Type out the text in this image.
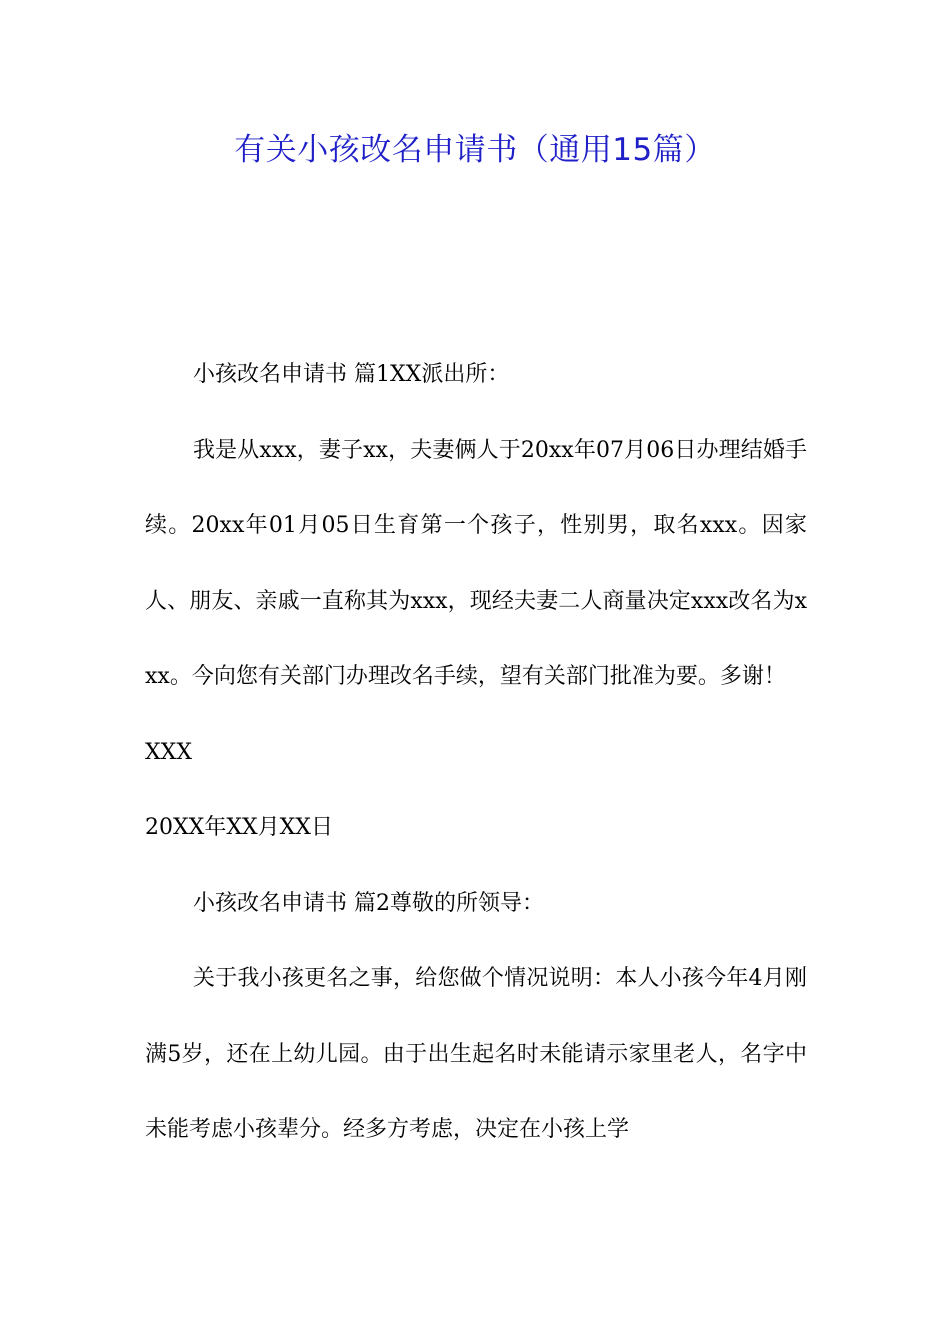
有关小孩改名申请书（通用15篇）

小孩改名申请书 篇1XX派出所：

我是从xxx，妻子xx，夫妻俩人于20xx年07月06日办理结婚手续。20xx年01月05日生育第一个孩子，性别男，取名xxx。因家人、朋友、亲戚一直称其为xxx，现经夫妻二人商量决定xxx改名为xxx。今向您有关部门办理改名手续，望有关部门批准为要。多谢！

XXX

20XX年XX月XX日

小孩改名申请书 篇2尊敬的所领导：

关于我小孩更名之事，给您做个情况说明：本人小孩今年4月刚满5岁，还在上幼儿园。由于出生起名时未能请示家里老人，名字中未能考虑小孩辈分。经多方考虑，决定在小孩上学
